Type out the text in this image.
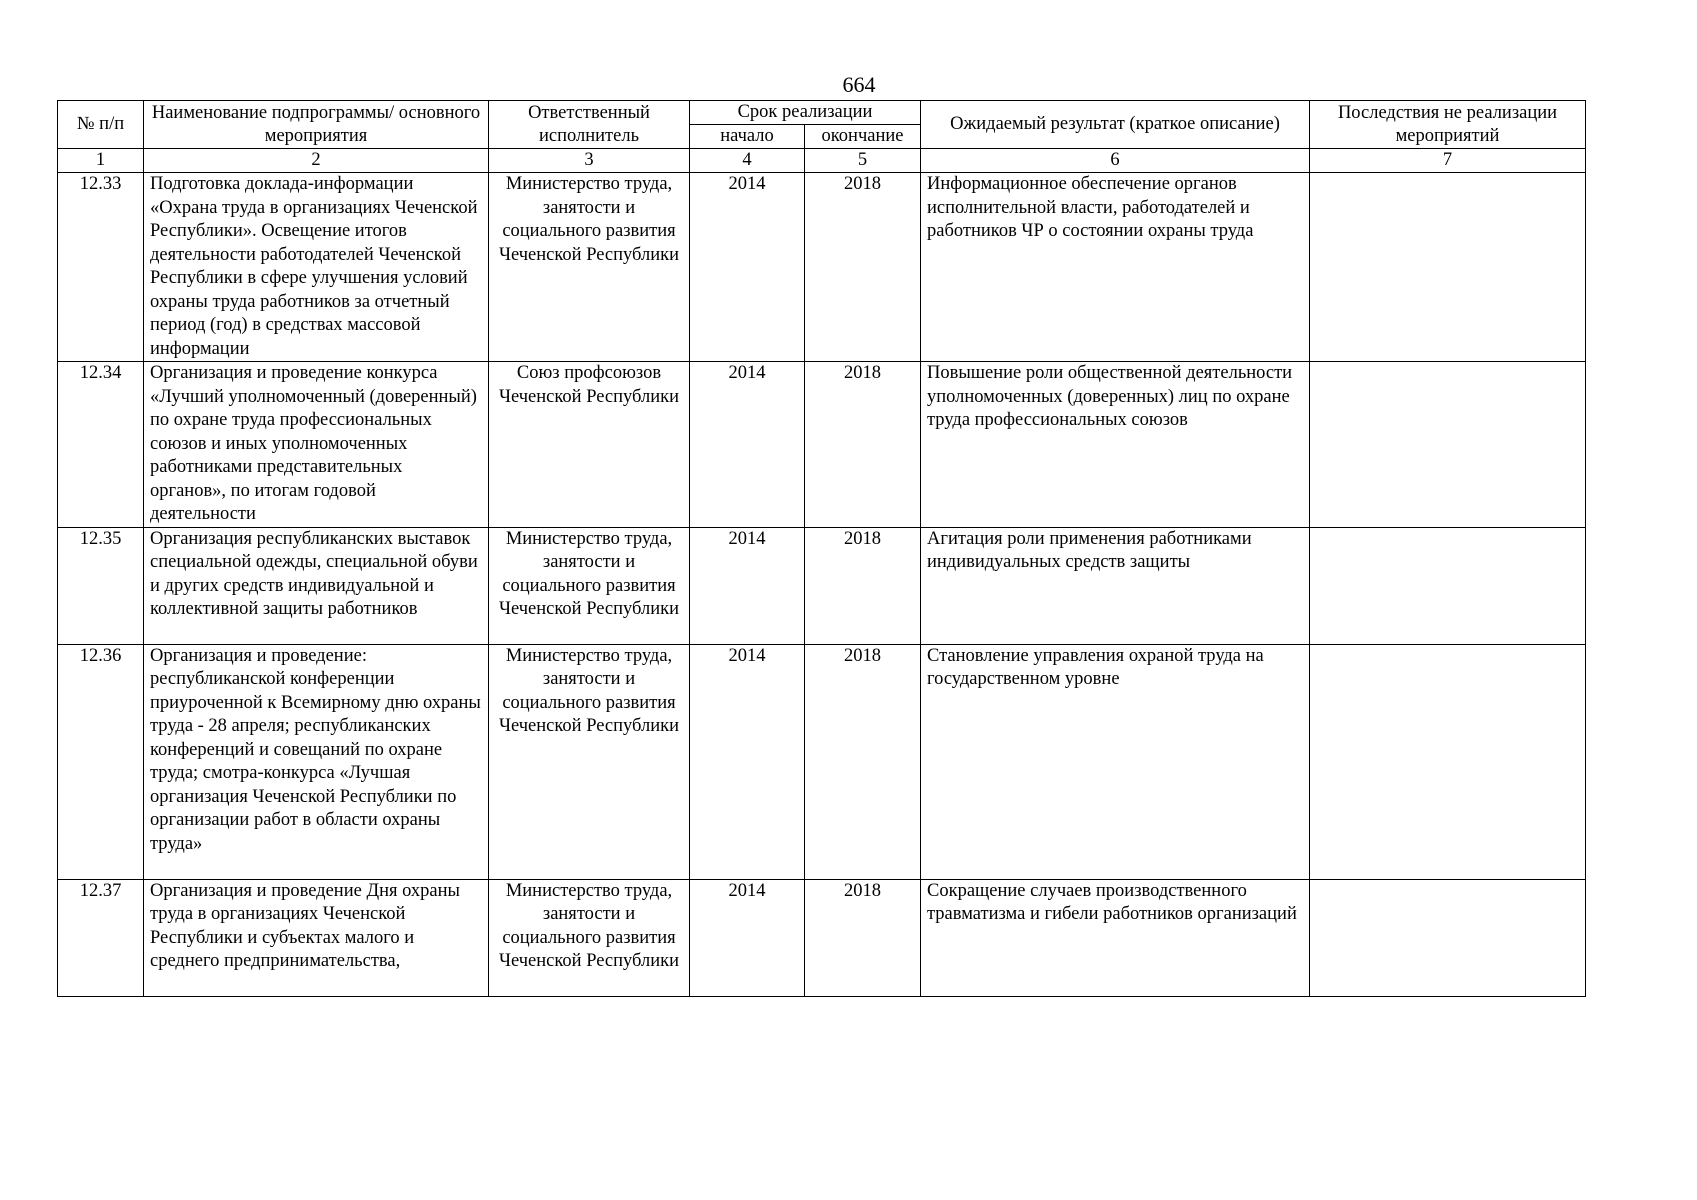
664
№ п/п	Наименование подпрограммы/ основного мероприятия	Ответственный исполнитель	Срок реализации		Ожидаемый результат (краткое описание)	Последствия не реализации мероприятий
			начало	окончание		
1	2	3	4	5	6	7
12.33	Подготовка доклада-информации «Охрана труда в организациях Чеченской Республики». Освещение итогов деятельности работодателей Чеченской Республики в сфере улучшения условий охраны труда работников за отчетный период (год) в средствах массовой информации	Министерство труда, занятости и социального развития Чеченской Республики	2014	2018	Информационное обеспечение органов исполнительной власти, работодателей и работников ЧР о состоянии охраны труда	
12.34	Организация и проведение конкурса «Лучший уполномоченный (доверенный) по охране труда профессиональных союзов и иных уполномоченных работниками представительных органов», по итогам годовой деятельности	Союз профсоюзов Чеченской Республики	2014	2018	Повышение роли общественной деятельности уполномоченных (доверенных) лиц по охране труда профессиональных союзов	
12.35	Организация республиканских выставок специальной одежды, специальной обуви и других средств индивидуальной и коллективной защиты работников	Министерство труда, занятости и социального развития Чеченской Республики	2014	2018	Агитация роли применения работниками индивидуальных средств защиты	
12.36	Организация и проведение: республиканской конференции приуроченной к Всемирному дню охраны труда - 28 апреля; республиканских конференций и совещаний по охране труда; смотра-конкурса «Лучшая организация Чеченской Республики по организации работ в области охраны труда»	Министерство труда, занятости и социального развития Чеченской Республики	2014	2018	Становление управления охраной труда на государственном уровне	
12.37	Организация и проведение Дня охраны труда в организациях Чеченской Республики и субъектах малого и среднего предпринимательства,	Министерство труда, занятости и социального развития Чеченской Республики	2014	2018	Сокращение случаев производственного травматизма и гибели работников организаций	
